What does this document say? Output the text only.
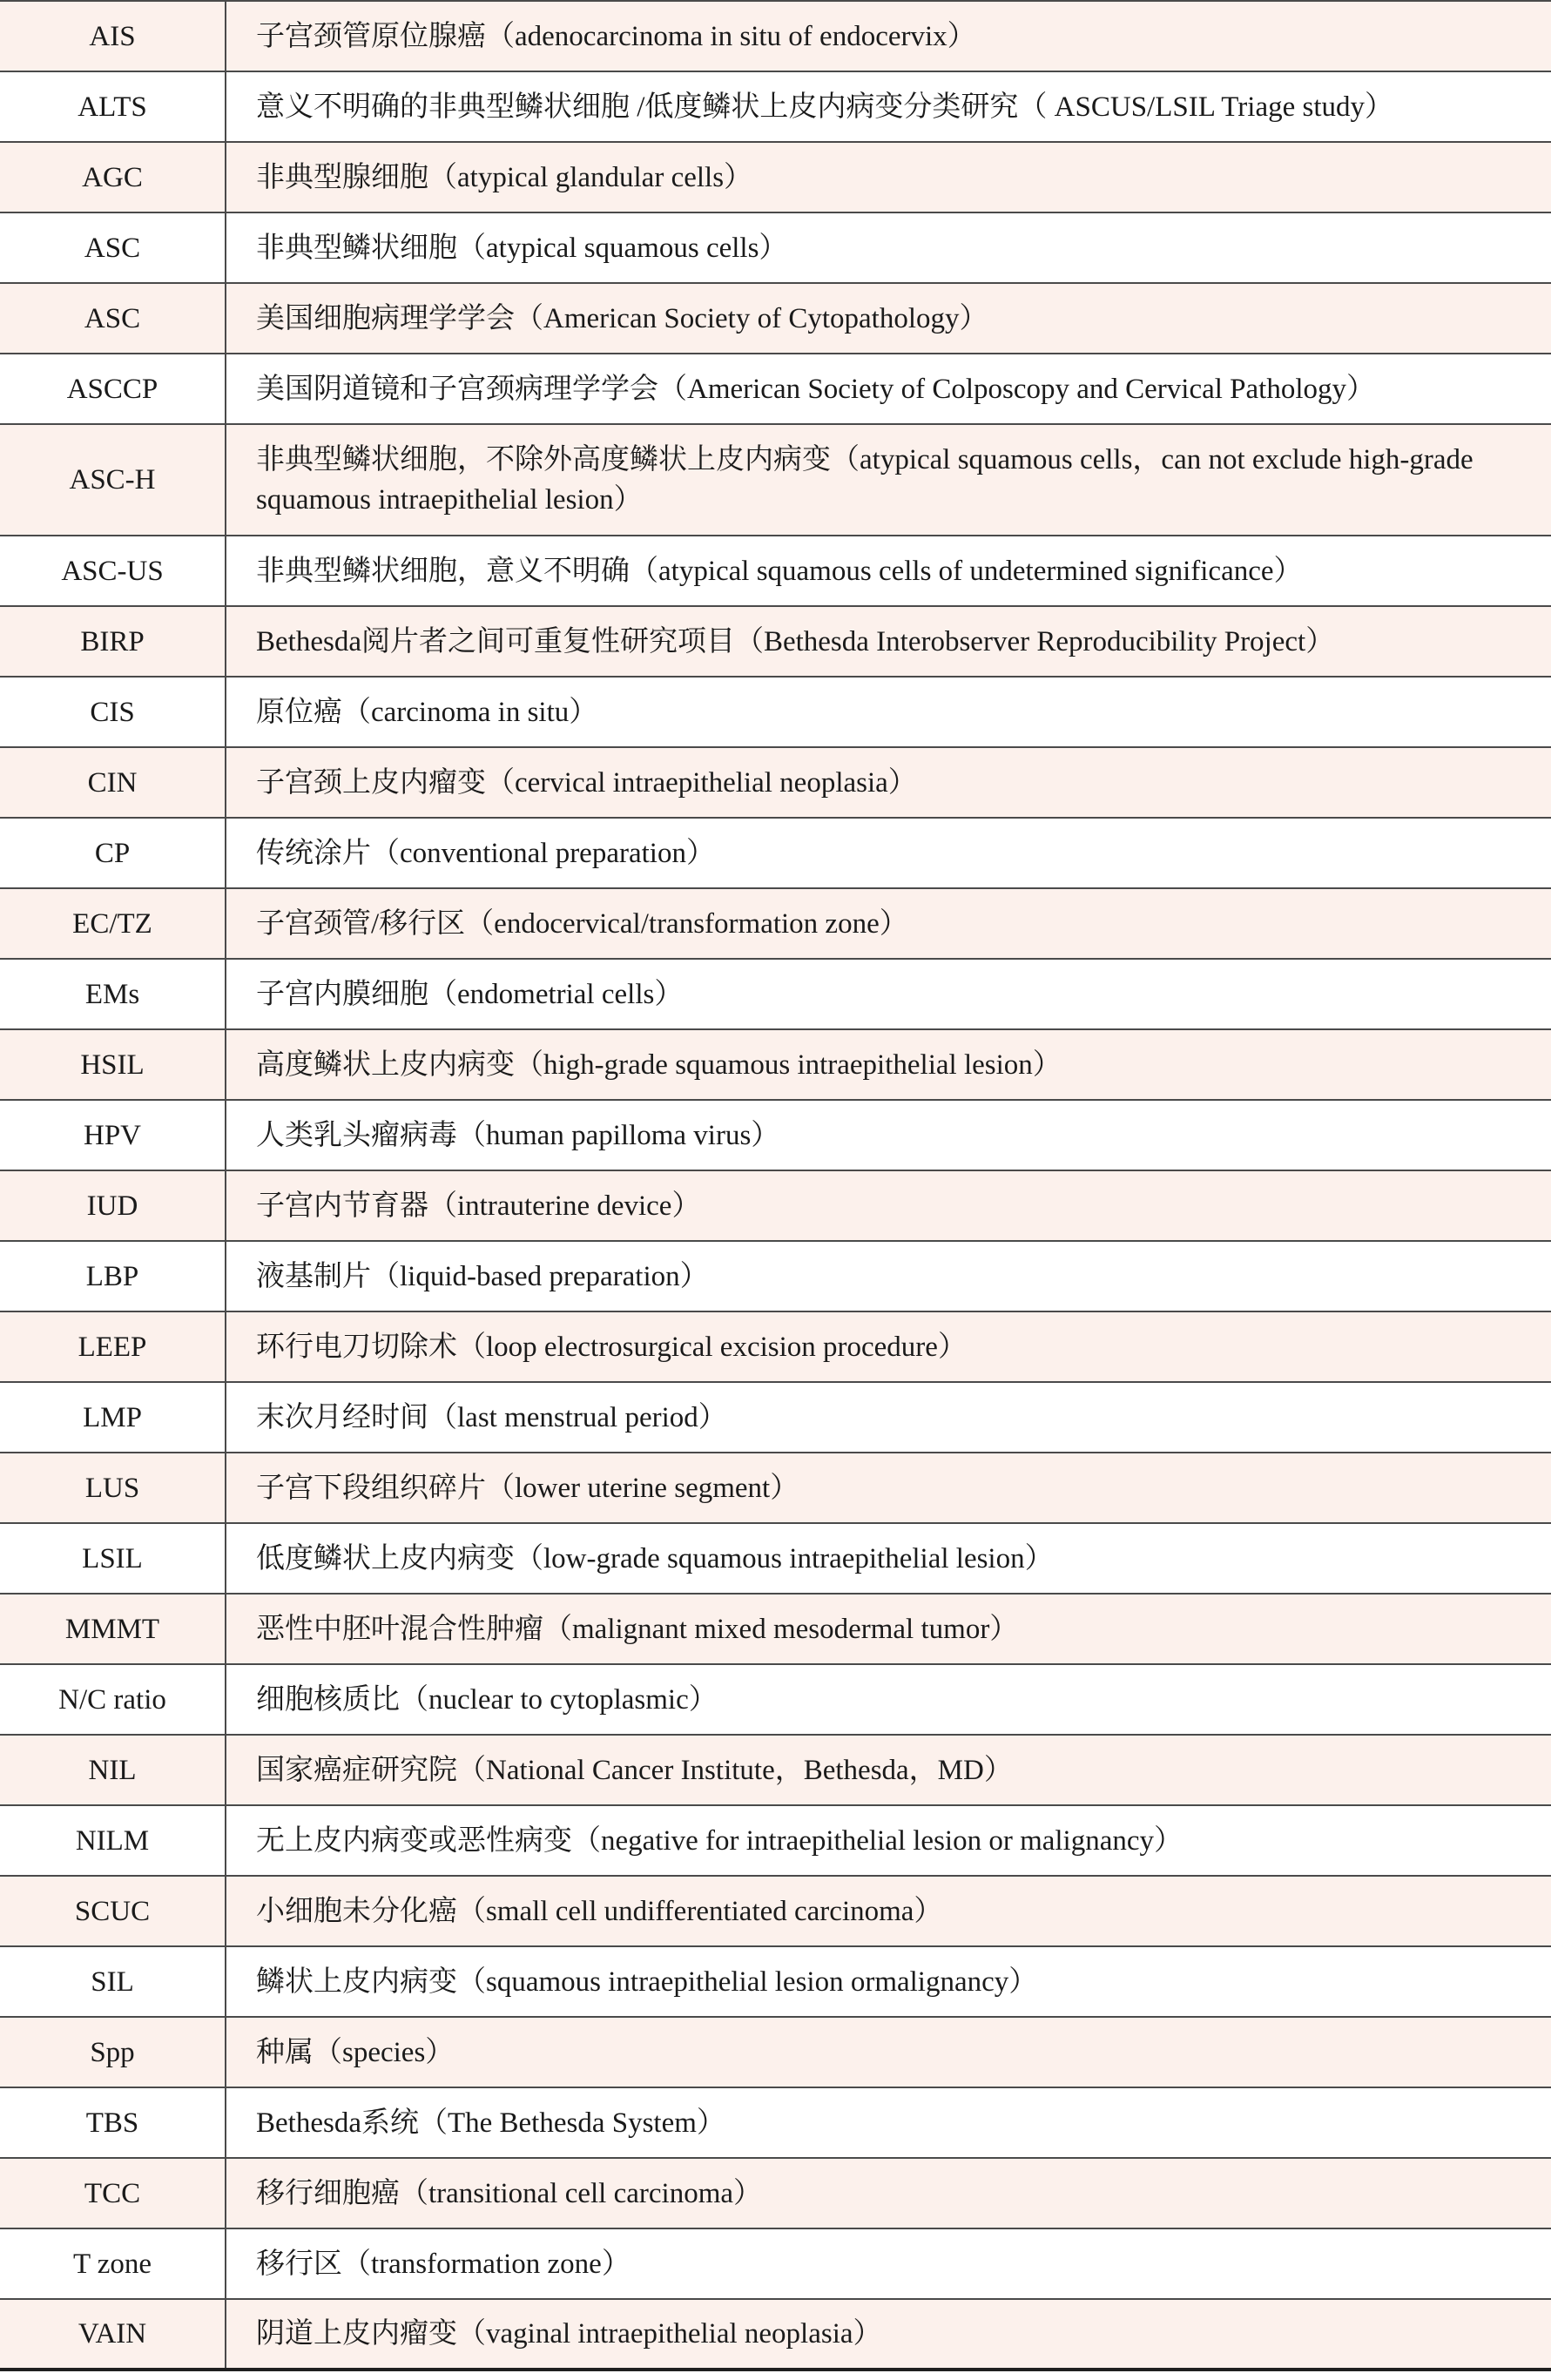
AIS	子宫颈管原位腺癌（adenocarcinoma in situ of endocervix）
ALTS	意义不明确的非典型鳞状细胞 /低度鳞状上皮内病变分类研究（ ASCUS/LSIL Triage study）
AGC	非典型腺细胞（atypical glandular cells）
ASC	非典型鳞状细胞（atypical squamous cells）
ASC	美国细胞病理学学会（American Society of Cytopathology）
ASCCP	美国阴道镜和子宫颈病理学学会（American Society of Colposcopy and Cervical Pathology）
ASC-H	非典型鳞状细胞，不除外高度鳞状上皮内病变（atypical squamous cells，can not exclude high-grade squamous intraepithelial lesion）
ASC-US	非典型鳞状细胞，意义不明确（atypical squamous cells of undetermined significance）
BIRP	Bethesda阅片者之间可重复性研究项目（Bethesda Interobserver Reproducibility Project）
CIS	原位癌（carcinoma in situ）
CIN	子宫颈上皮内瘤变（cervical intraepithelial neoplasia）
CP	传统涂片（conventional preparation）
EC/TZ	子宫颈管/移行区（endocervical/transformation zone）
EMs	子宫内膜细胞（endometrial cells）
HSIL	高度鳞状上皮内病变（high-grade squamous intraepithelial lesion）
HPV	人类乳头瘤病毒（human papilloma virus）
IUD	子宫内节育器（intrauterine device）
LBP	液基制片（liquid-based preparation）
LEEP	环行电刀切除术（loop electrosurgical excision procedure）
LMP	末次月经时间（last menstrual period）
LUS	子宫下段组织碎片（lower uterine segment）
LSIL	低度鳞状上皮内病变（low-grade squamous intraepithelial lesion）
MMMT	恶性中胚叶混合性肿瘤（malignant mixed mesodermal tumor）
N/C ratio	细胞核质比（nuclear to cytoplasmic）
NIL	国家癌症研究院（National Cancer Institute，Bethesda，MD）
NILM	无上皮内病变或恶性病变（negative for intraepithelial lesion or malignancy）
SCUC	小细胞未分化癌（small cell undifferentiated carcinoma）
SIL	鳞状上皮内病变（squamous intraepithelial lesion ormalignancy）
Spp	种属（species）
TBS	Bethesda系统（The Bethesda System）
TCC	移行细胞癌（transitional cell carcinoma）
T zone	移行区（transformation zone）
VAIN	阴道上皮内瘤变（vaginal intraepithelial neoplasia）
